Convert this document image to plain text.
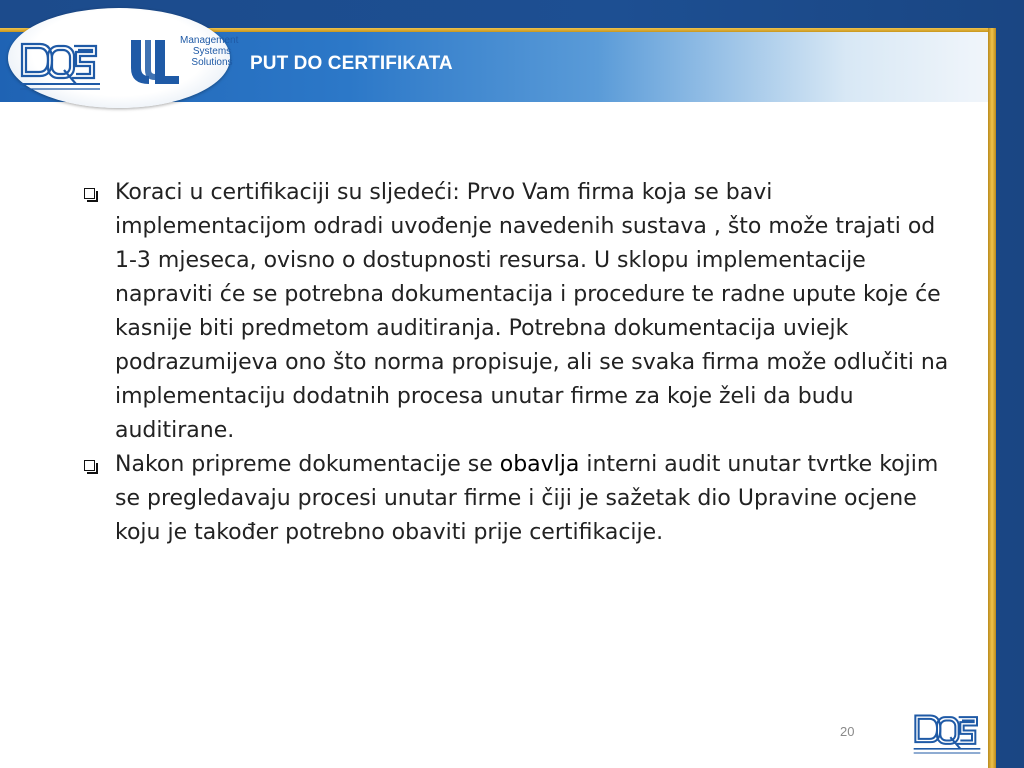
Management
Systems
Solutions PUT DO CERTIFIKATA
Koraci u certifikaciji su sljedeći: Prvo Vam firma koja se bavi implementacijom odradi uvođenje navedenih sustava , što može trajati od 1-3 mjeseca, ovisno o dostupnosti resursa. U sklopu implementacije napraviti će se potrebna dokumentacija i procedure te radne upute koje će kasnije biti predmetom auditiranja. Potrebna dokumentacija uviejk podrazumijeva ono što norma propisuje, ali se svaka firma može odlučiti na implementaciju dodatnih procesa unutar firme za koje želi da budu auditirane.
Nakon pripreme dokumentacije se obavlja interni audit unutar tvrtke kojim se pregledavaju procesi unutar firme i čiji je sažetak dio Upravine ocjene koju je također potrebno obaviti prije certifikacije.
20
